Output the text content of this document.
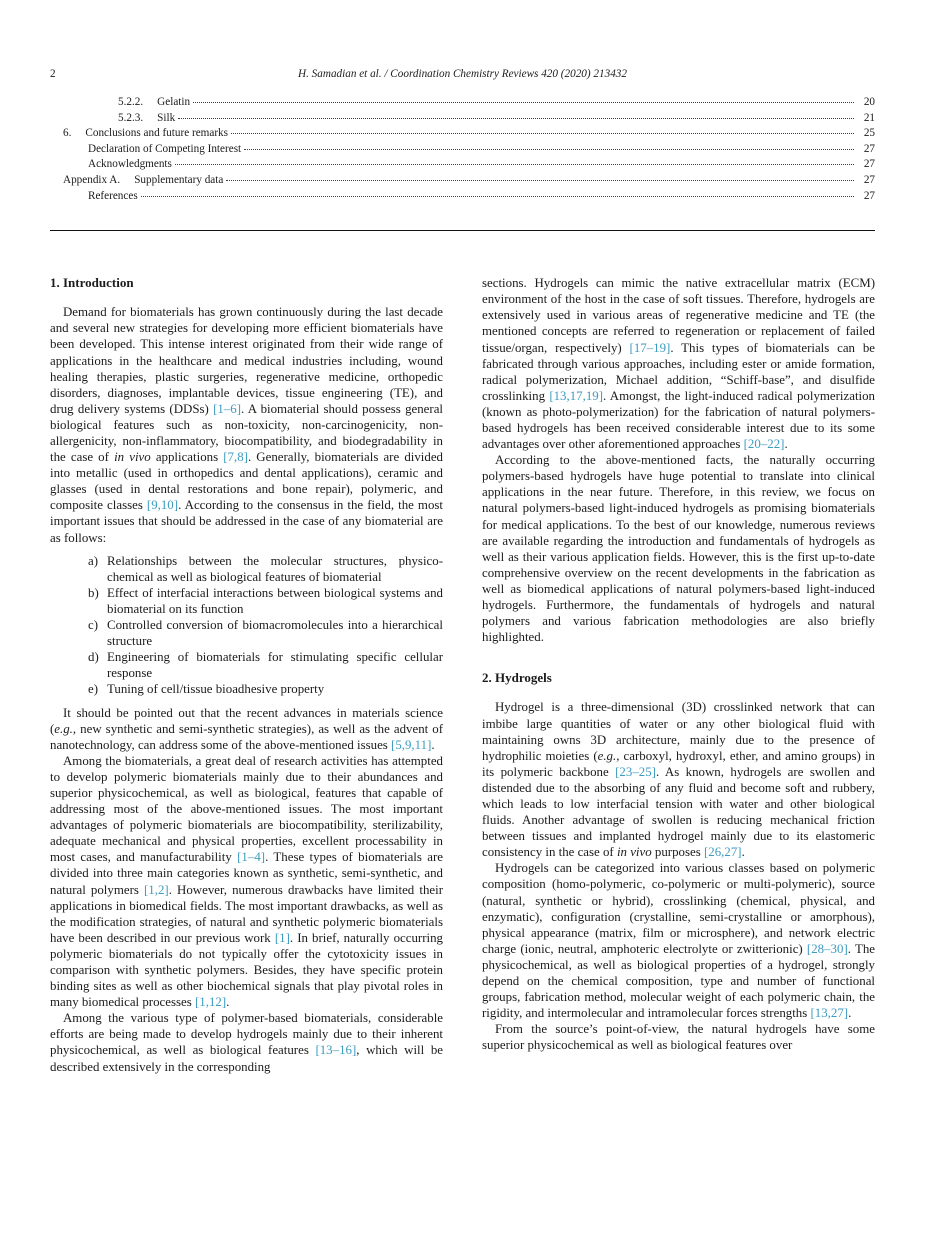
2	H. Samadian et al. / Coordination Chemistry Reviews 420 (2020) 213432
5.2.2. Gelatin	20
5.2.3. Silk	21
6. Conclusions and future remarks	25
Declaration of Competing Interest	27
Acknowledgments	27
Appendix A. Supplementary data	27
References	27
1. Introduction

Demand for biomaterials has grown continuously during the last decade and several new strategies for developing more efficient biomaterials have been developed. This intense interest originated from their wide range of applications in the healthcare and medical industries including, wound healing therapies, plastic surgeries, regenerative medicine, orthopedic disorders, diagnoses, implantable devices, tissue engineering (TE), and drug delivery systems (DDSs) [1–6]. A biomaterial should possess general biological features such as non-toxicity, non-carcinogenicity, non-allergenicity, non-inflammatory, biocompatibility, and biodegradability in the case of in vivo applications [7,8]. Generally, biomaterials are divided into metallic (used in orthopedics and dental applications), ceramic and glasses (used in dental restorations and bone repair), polymeric, and composite classes [9,10]. According to the consensus in the field, the most important issues that should be addressed in the case of any biomaterial are as follows:

a) Relationships between the molecular structures, physico-chemical as well as biological features of biomaterial
b) Effect of interfacial interactions between biological systems and biomaterial on its function
c) Controlled conversion of biomacromolecules into a hierarchical structure
d) Engineering of biomaterials for stimulating specific cellular response
e) Tuning of cell/tissue bioadhesive property

It should be pointed out that the recent advances in materials science (e.g., new synthetic and semi-synthetic strategies), as well as the advent of nanotechnology, can address some of the above-mentioned issues [5,9,11].

Among the biomaterials, a great deal of research activities has attempted to develop polymeric biomaterials mainly due to their abundances and superior physicochemical, as well as biological, features that capable of addressing most of the above-mentioned issues. The most important advantages of polymeric biomaterials are biocompatibility, sterilizability, adequate mechanical and physical properties, excellent processability in most cases, and manufacturability [1–4]. These types of biomaterials are divided into three main categories known as synthetic, semi-synthetic, and natural polymers [1,2]. However, numerous drawbacks have limited their applications in biomedical fields. The most important drawbacks, as well as the modification strategies, of natural and synthetic polymeric biomaterials have been described in our previous work [1]. In brief, naturally occurring polymeric biomaterials do not typically offer the cytotoxicity issues in comparison with synthetic polymers. Besides, they have specific protein binding sites as well as other biochemical signals that play pivotal roles in many biomedical processes [1,12].

Among the various type of polymer-based biomaterials, considerable efforts are being made to develop hydrogels mainly due to their inherent physicochemical, as well as biological features [13–16], which will be described extensively in the corresponding

sections. Hydrogels can mimic the native extracellular matrix (ECM) environment of the host in the case of soft tissues. Therefore, hydrogels are extensively used in various areas of regenerative medicine and TE (the mentioned concepts are referred to regeneration or replacement of failed tissue/organ, respectively) [17–19]. This types of biomaterials can be fabricated through various approaches, including ester or amide formation, radical polymerization, Michael addition, “Schiff-base”, and disulfide crosslinking [13,17,19]. Amongst, the light-induced radical polymerization (known as photo-polymerization) for the fabrication of natural polymers-based hydrogels has been received considerable interest due to its some advantages over other aforementioned approaches [20–22].

According to the above-mentioned facts, the naturally occurring polymers-based hydrogels have huge potential to translate into clinical applications in the near future. Therefore, in this review, we focus on natural polymers-based light-induced hydrogels as promising biomaterials for medical applications. To the best of our knowledge, numerous reviews are available regarding the introduction and fundamentals of hydrogels as well as their various application fields. However, this is the first up-to-date comprehensive overview on the recent developments in the fabrication as well as biomedical applications of natural polymers-based light-induced hydrogels. Furthermore, the fundamentals of hydrogels and natural polymers and various fabrication methodologies are also briefly highlighted.

2. Hydrogels

Hydrogel is a three-dimensional (3D) crosslinked network that can imbibe large quantities of water or any other biological fluid with maintaining owns 3D architecture, mainly due to the presence of hydrophilic moieties (e.g., carboxyl, hydroxyl, ether, and amino groups) in its polymeric backbone [23–25]. As known, hydrogels are swollen and distended due to the absorbing of any fluid and become soft and rubbery, which leads to low interfacial tension with water and other biological fluids. Another advantage of swollen is reducing mechanical friction between tissues and implanted hydrogel mainly due to its elastomeric consistency in the case of in vivo purposes [26,27].

Hydrogels can be categorized into various classes based on polymeric composition (homo-polymeric, co-polymeric or multi-polymeric), source (natural, synthetic or hybrid), crosslinking (chemical, physical, and enzymatic), configuration (crystalline, semi-crystalline or amorphous), physical appearance (matrix, film or microsphere), and network electric charge (ionic, neutral, amphoteric electrolyte or zwitterionic) [28–30]. The physicochemical, as well as biological properties of a hydrogel, strongly depend on the chemical composition, type and number of functional groups, fabrication method, molecular weight of each polymeric chain, the rigidity, and intermolecular and intramolecular forces strengths [13,27].

From the source’s point-of-view, the natural hydrogels have some superior physicochemical as well as biological features over
